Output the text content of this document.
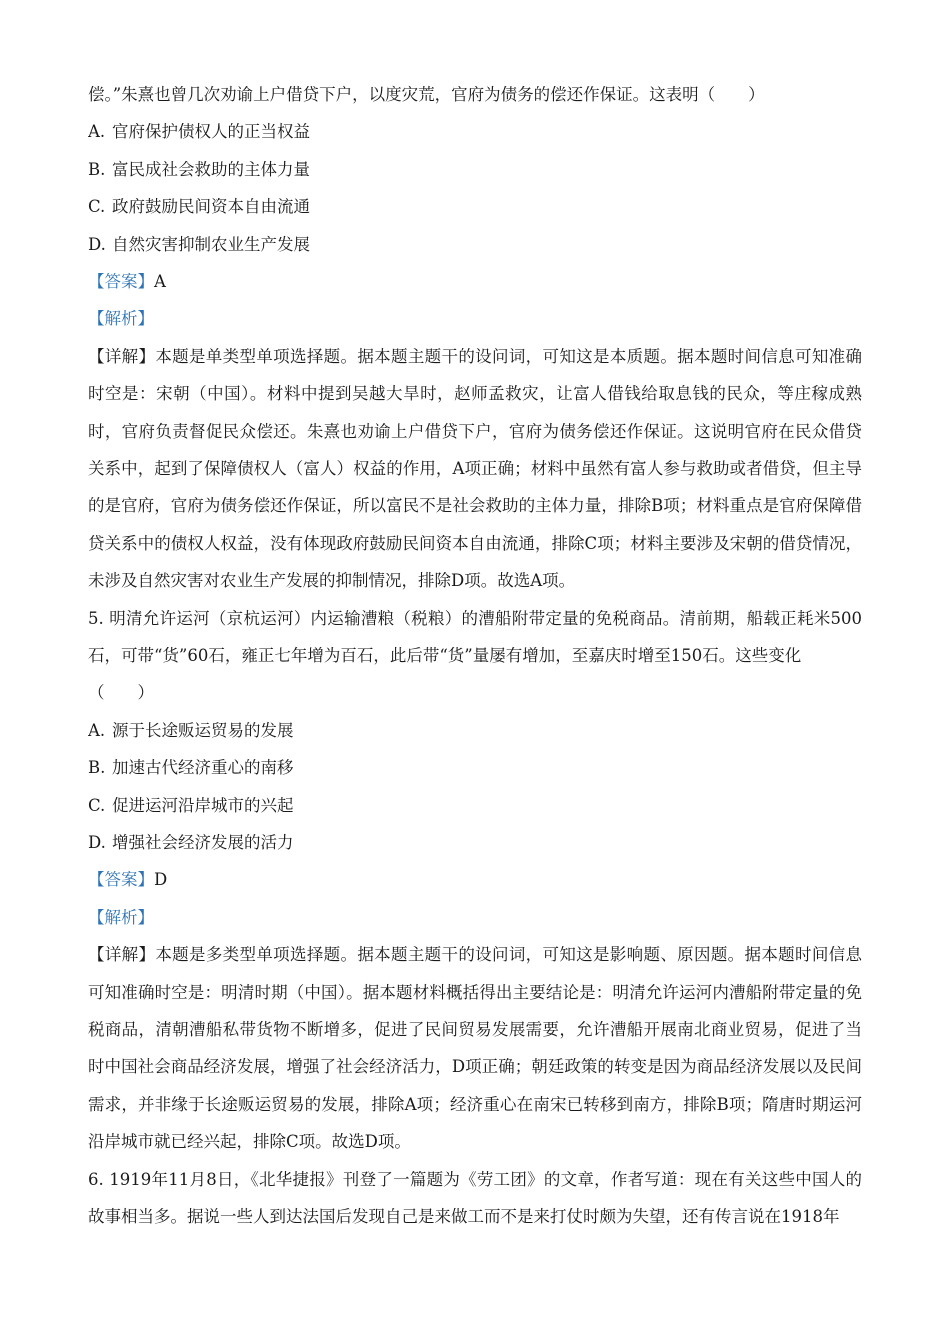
偿。”朱熹也曾几次劝谕上户借贷下户，以度灾荒，官府为债务的偿还作保证。这表明（　　）
A. 官府保护债权人的正当权益
B. 富民成社会救助的主体力量
C. 政府鼓励民间资本自由流通
D. 自然灾害抑制农业生产发展
【答案】A
【解析】
【详解】本题是单类型单项选择题。据本题主题干的设问词，可知这是本质题。据本题时间信息可知准确时空是：宋朝（中国）。材料中提到吴越大旱时，赵师孟救灾，让富人借钱给取息钱的民众，等庄稼成熟时，官府负责督促民众偿还。朱熹也劝谕上户借贷下户，官府为债务偿还作保证。这说明官府在民众借贷关系中，起到了保障债权人（富人）权益的作用，A项正确；材料中虽然有富人参与救助或者借贷，但主导的是官府，官府为债务偿还作保证，所以富民不是社会救助的主体力量，排除B项；材料重点是官府保障借贷关系中的债权人权益，没有体现政府鼓励民间资本自由流通，排除C项；材料主要涉及宋朝的借贷情况，未涉及自然灾害对农业生产发展的抑制情况，排除D项。故选A项。
5. 明清允许运河（京杭运河）内运输漕粮（税粮）的漕船附带定量的免税商品。清前期，船载正耗米500石，可带“货”60石，雍正七年增为百石，此后带“货”量屡有增加，至嘉庆时增至150石。这些变化
（　　）
A. 源于长途贩运贸易的发展
B. 加速古代经济重心的南移
C. 促进运河沿岸城市的兴起
D. 增强社会经济发展的活力
【答案】D
【解析】
【详解】本题是多类型单项选择题。据本题主题干的设问词，可知这是影响题、原因题。据本题时间信息可知准确时空是：明清时期（中国）。据本题材料概括得出主要结论是：明清允许运河内漕船附带定量的免税商品，清朝漕船私带货物不断增多，促进了民间贸易发展需要，允许漕船开展南北商业贸易，促进了当时中国社会商品经济发展，增强了社会经济活力，D项正确；朝廷政策的转变是因为商品经济发展以及民间需求，并非缘于长途贩运贸易的发展，排除A项；经济重心在南宋已转移到南方，排除B项；隋唐时期运河沿岸城市就已经兴起，排除C项。故选D项。
6. 1919年11月8日，《北华捷报》刊登了一篇题为《劳工团》的文章，作者写道：现在有关这些中国人的故事相当多。据说一些人到达法国后发现自己是来做工而不是来打仗时颇为失望，还有传言说在1918年
